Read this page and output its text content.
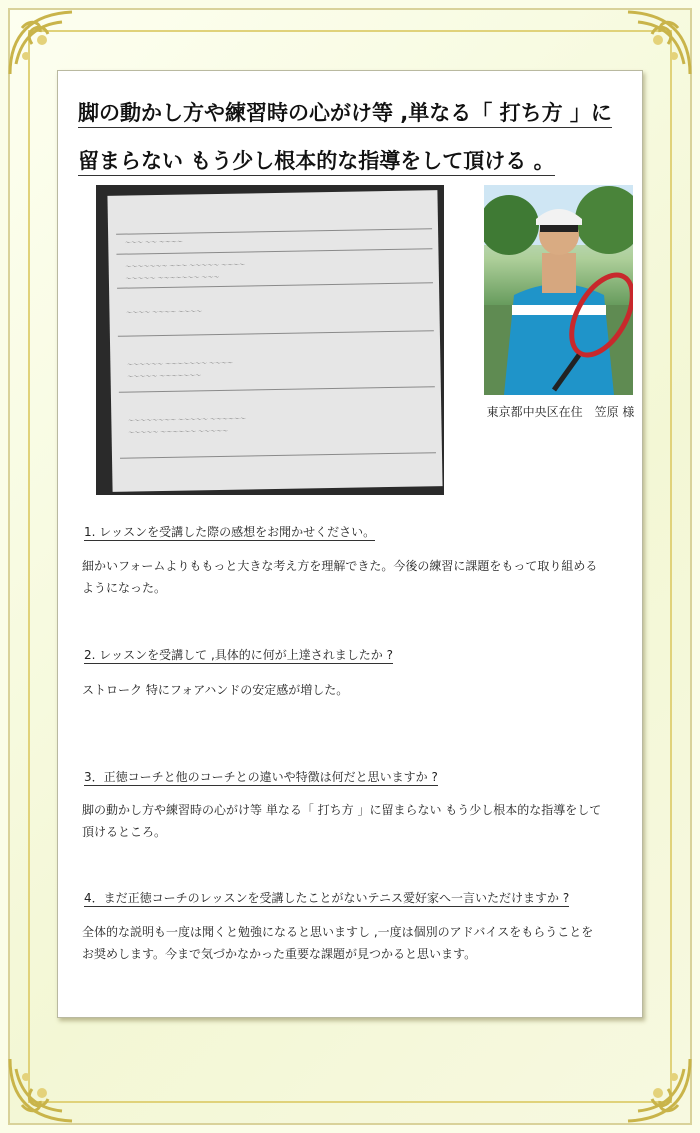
脚の動かし方や練習時の心がけ等 ,単なる「 打ち方 」に
留まらない もう少し根本的な指導をして頂ける 。
～～～ ～～ ～～～～
～～～～～～～ ～～～ ～～～～～ ～～～～
～～～～～ ～～～～～～～ ～～～
～～～～ ～～～～ ～～～～
～～～～～～ ～～～～～～～ ～～～～
～～～～～ ～～～～～～～
～～～～～～～～ ～～～～～ ～～～～～～
～～～～～ ～～～～～～ ～～～～～
東京都中央区在住　笠原 様
1. レッスンを受講した際の感想をお聞かせください。
細かいフォームよりももっと大きな考え方を理解できた。今後の練習に課題をもって取り組めるようになった。
2. レッスンを受講して ,具体的に何が上達されましたか ?
ストローク 特にフォアハンドの安定感が増した。
3．正徳コーチと他のコーチとの違いや特徴は何だと思いますか ?
脚の動かし方や練習時の心がけ等 単なる「 打ち方 」に留まらない もう少し根本的な指導をして頂けるところ。
4．まだ正徳コーチのレッスンを受講したことがないテニス愛好家へ一言いただけますか ?
全体的な説明も一度は聞くと勉強になると思いますし ,一度は個別のアドバイスをもらうことをお奨めします。今まで気づかなかった重要な課題が見つかると思います。
